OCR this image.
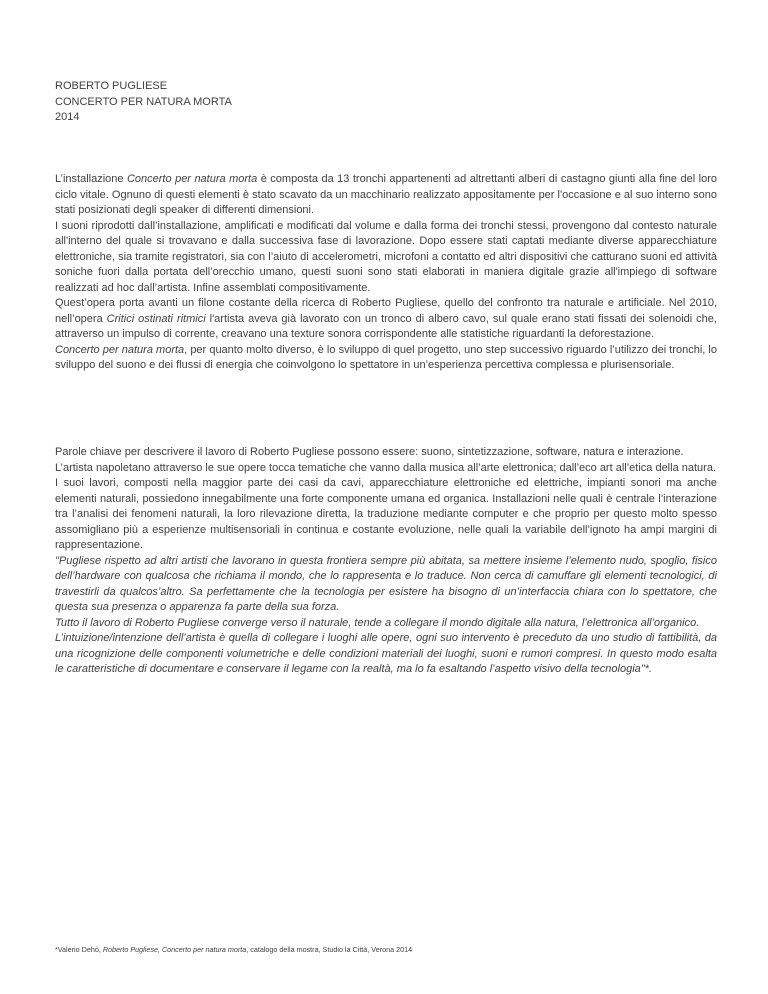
ROBERTO PUGLIESE
CONCERTO PER NATURA MORTA
2014

L’installazione Concerto per natura morta è composta da 13 tronchi appartenenti ad altrettanti alberi di castagno giunti alla fine del loro ciclo vitale. Ognuno di questi elementi è stato scavato da un macchinario realizzato appositamente per l'occasione e al suo interno sono stati posizionati degli speaker di differenti dimensioni.

I suoni riprodotti dall’installazione, amplificati e modificati dal volume e dalla forma dei tronchi stessi, provengono dal contesto naturale all'interno del quale si trovavano e dalla successiva fase di lavorazione. Dopo essere stati captati mediante diverse apparecchiature elettroniche, sia tramite registratori, sia con l’aiuto di accelerometri, microfoni a contatto ed altri dispositivi che catturano suoni ed attività soniche fuori dalla portata dell’orecchio umano, questi suoni sono stati elaborati in maniera digitale grazie all'impiego di software realizzati ad hoc dall’artista. Infine assemblati compositivamente.

Quest’opera porta avanti un filone costante della ricerca di Roberto Pugliese, quello del confronto tra naturale e artificiale. Nel 2010, nell’opera Critici ostinati ritmici l'artista aveva già lavorato con un tronco di albero cavo, sul quale erano stati fissati dei solenoidi che, attraverso un impulso di corrente, creavano una texture sonora corrispondente alle statistiche riguardanti la deforestazione.

Concerto per natura morta, per quanto molto diverso, è lo sviluppo di quel progetto, uno step successivo riguardo l’utilizzo dei tronchi, lo sviluppo del suono e dei flussi di energia che coinvolgono lo spettatore in un’esperienza percettiva complessa e plurisensoriale.

Parole chiave per descrivere il lavoro di Roberto Pugliese possono essere: suono, sintetizzazione, software, natura e interazione.

L’artista napoletano attraverso le sue opere tocca tematiche che vanno dalla musica all’arte elettronica; dall’eco art all’etica della natura.

I suoi lavori, composti nella maggior parte dei casi da cavi, apparecchiature elettroniche ed elettriche, impianti sonori ma anche elementi naturali, possiedono innegabilmente una forte componente umana ed organica. Installazioni nelle quali è centrale l’interazione tra l’analisi dei fenomeni naturali, la loro rilevazione diretta, la traduzione mediante computer e che proprio per questo molto spesso assomigliano più a esperienze multisensoriali in continua e costante evoluzione, nelle quali la variabile dell’ignoto ha ampi margini di rappresentazione.

"Pugliese rispetto ad altri artisti che lavorano in questa frontiera sempre più abitata, sa mettere insieme l’elemento nudo, spoglio, fisico dell’hardware con qualcosa che richiama il mondo, che lo rappresenta e lo traduce. Non cerca di camuffare gli elementi tecnologici, di travestirli da qualcos’altro. Sa perfettamente che la tecnologia per esistere ha bisogno di un’interfaccia chiara con lo spettatore, che questa sua presenza o apparenza fa parte della sua forza.

Tutto il lavoro di Roberto Pugliese converge verso il naturale, tende a collegare il mondo digitale alla natura, l’elettronica all’organico.

L’intuizione/intenzione dell’artista è quella di collegare i luoghi alle opere, ogni suo intervento è preceduto da uno studio di fattibilità, da una ricognizione delle componenti volumetriche e delle condizioni materiali dei luoghi, suoni e rumori compresi. In questo modo esalta le caratteristiche di documentare e conservare il legame con la realtà, ma lo fa esaltando l’aspetto visivo della tecnologia"*.

*Valerio Dehò, Roberto Pugliese, Concerto per natura morta, catalogo della mostra, Studio la Città, Verona 2014
